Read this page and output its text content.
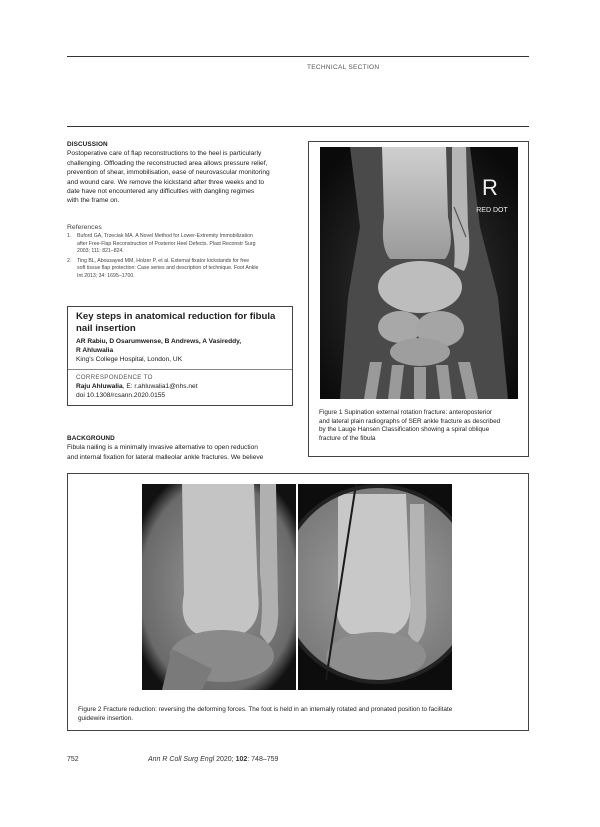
TECHNICAL SECTION
DISCUSSION
Postoperative care of flap reconstructions to the heel is particularly
challenging. Offloading the reconstructed area allows pressure relief,
prevention of shear, immobilisation, ease of neurovascular monitoring
and wound care. We remove the kickstand after three weeks and to
date have not encountered any difficulties with dangling regimes
with the frame on.
References
1. Buford GA, Trzeciak MA. A Novel Method for Lower-Extremity Immobilization
after Free-Flap Reconstruction of Posterior Heel Defects. Plast Reconstr Surg
2003; 111: 821–824.
2. Ting BL, Abousayed MM, Holzer P, et al. External fixator kickstands for free
soft tissue flap protection: Case series and description of technique. Foot Ankle
Int 2013; 34: 1695–1700.
Key steps in anatomical reduction for fibula
nail insertion
AR Rabiu, D Osarumwense, B Andrews, A Vasireddy,
R Ahluwalia
King's College Hospital, London, UK
CORRESPONDENCE TO
Raju Ahluwalia, E: r.ahluwalia1@nhs.net
doi 10.1308/rcsann.2020.0155
BACKGROUND
Fibula nailing is a minimally invasive alternative to open reduction
and internal fixation for lateral malleolar ankle fractures. We believe
R
RED DOT
Figure 1 Supination external rotation fracture: anteroposterior
and lateral plain radiographs of SER ankle fracture as described
by the Lauge Hansen Classification showing a spiral oblique
fracture of the fibula
Figure 2 Fracture reduction: reversing the deforming forces. The foot is held in an internally rotated and pronated position to facilitate
guidewire insertion.
752	Ann R Coll Surg Engl 2020; 102: 748–759
